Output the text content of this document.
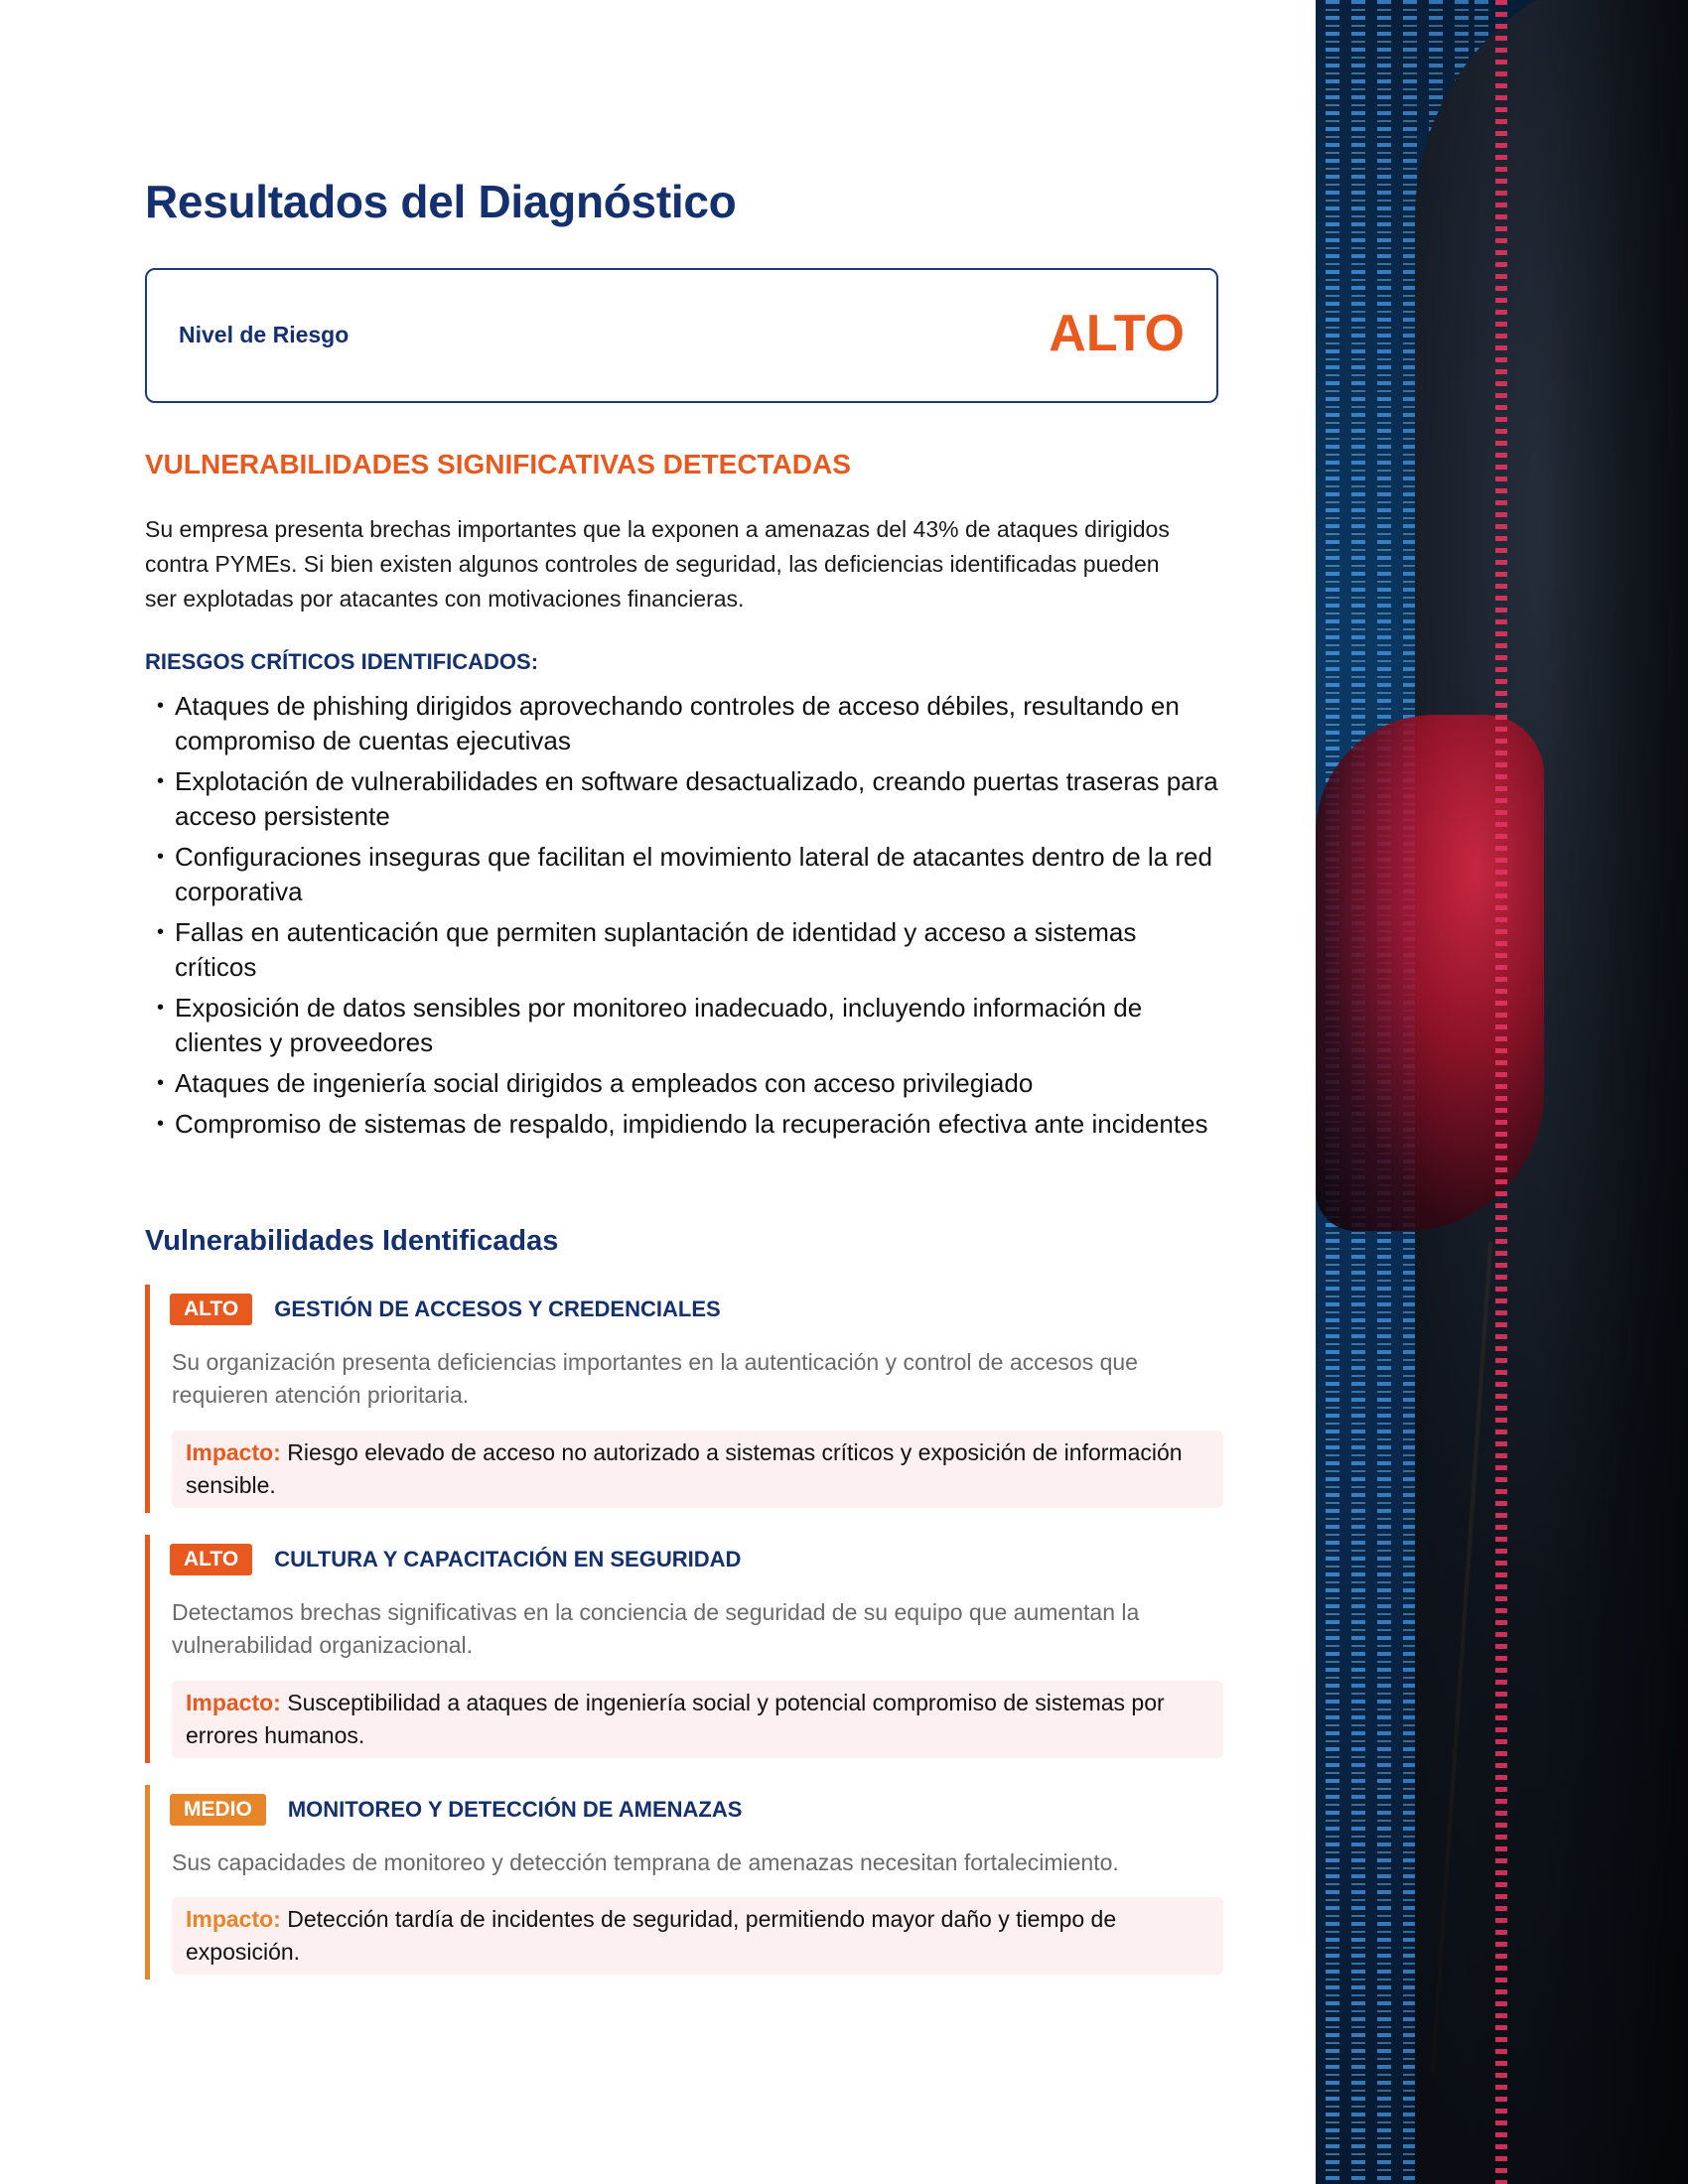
Resultados del Diagnóstico
Nivel de Riesgo	ALTO
VULNERABILIDADES SIGNIFICATIVAS DETECTADAS

Su empresa presenta brechas importantes que la exponen a amenazas del 43% de ataques dirigidos contra PYMEs. Si bien existen algunos controles de seguridad, las deficiencias identificadas pueden ser explotadas por atacantes con motivaciones financieras.

RIESGOS CRÍTICOS IDENTIFICADOS:
• Ataques de phishing dirigidos aprovechando controles de acceso débiles, resultando en compromiso de cuentas ejecutivas
• Explotación de vulnerabilidades en software desactualizado, creando puertas traseras para acceso persistente
• Configuraciones inseguras que facilitan el movimiento lateral de atacantes dentro de la red corporativa
• Fallas en autenticación que permiten suplantación de identidad y acceso a sistemas críticos
• Exposición de datos sensibles por monitoreo inadecuado, incluyendo información de clientes y proveedores
• Ataques de ingeniería social dirigidos a empleados con acceso privilegiado
• Compromiso de sistemas de respaldo, impidiendo la recuperación efectiva ante incidentes
Vulnerabilidades Identificadas
ALTO	GESTIÓN DE ACCESOS Y CREDENCIALES

Su organización presenta deficiencias importantes en la autenticación y control de accesos que requieren atención prioritaria.

Impacto: Riesgo elevado de acceso no autorizado a sistemas críticos y exposición de información sensible.
ALTO	CULTURA Y CAPACITACIÓN EN SEGURIDAD

Detectamos brechas significativas en la conciencia de seguridad de su equipo que aumentan la vulnerabilidad organizacional.

Impacto: Susceptibilidad a ataques de ingeniería social y potencial compromiso de sistemas por errores humanos.
MEDIO	MONITOREO Y DETECCIÓN DE AMENAZAS

Sus capacidades de monitoreo y detección temprana de amenazas necesitan fortalecimiento.

Impacto: Detección tardía de incidentes de seguridad, permitiendo mayor daño y tiempo de exposición.
